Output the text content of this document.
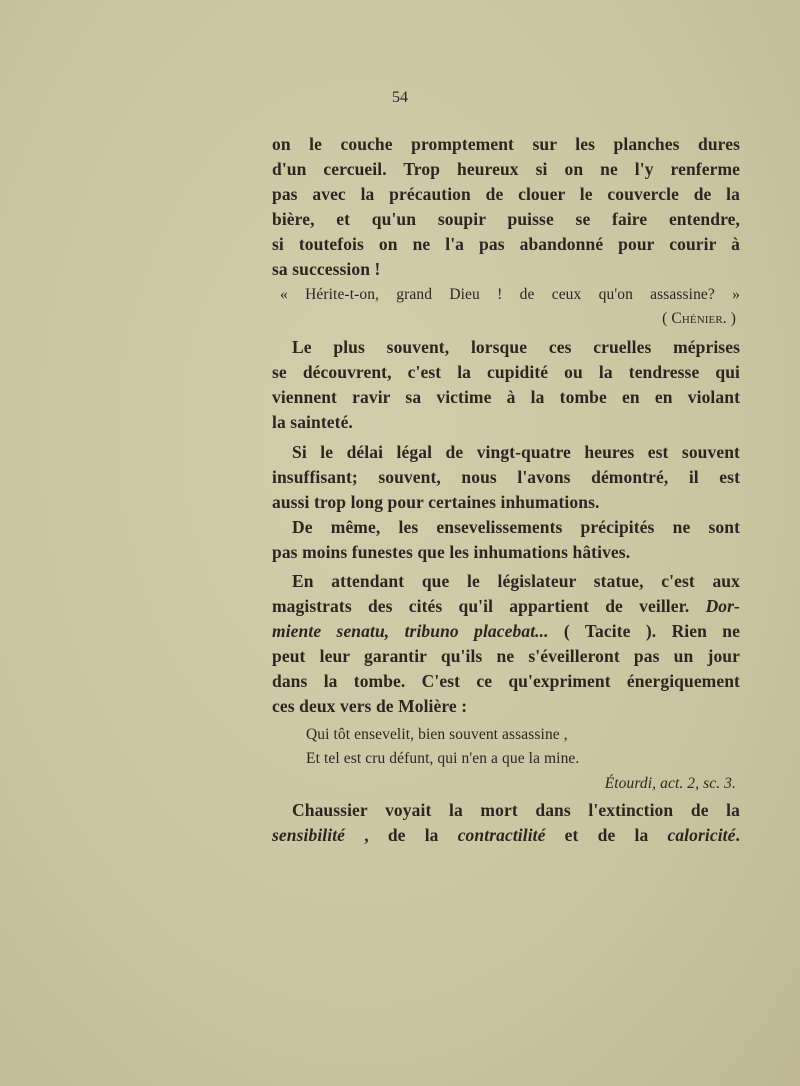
54
on le couche promptement sur les planches dures
d'un cercueil. Trop heureux si on ne l'y renferme
pas avec la précaution de clouer le couvercle de la
bière, et qu'un soupir puisse se faire entendre,
si toutefois on ne l'a pas abandonné pour courir à
sa succession !
« Hérite-t-on, grand Dieu ! de ceux qu'on assassine? »
( Chénier. )
Le plus souvent, lorsque ces cruelles méprises
se découvrent, c'est la cupidité ou la tendresse qui
viennent ravir sa victime à la tombe en en violant
la sainteté.
Si le délai légal de vingt-quatre heures est souvent
insuffisant; souvent, nous l'avons démontré, il est
aussi trop long pour certaines inhumations.
De même, les ensevelissements précipités ne sont
pas moins funestes que les inhumations hâtives.
En attendant que le législateur statue, c'est aux
magistrats des cités qu'il appartient de veiller. Dor-
miente senatu, tribuno placebat... ( Tacite ). Rien ne
peut leur garantir qu'ils ne s'éveilleront pas un jour
dans la tombe. C'est ce qu'expriment énergiquement
ces deux vers de Molière :
Qui tôt ensevelit, bien souvent assassine ,
Et tel est cru défunt, qui n'en a que la mine.
Étourdi, act. 2, sc. 3.
Chaussier voyait la mort dans l'extinction de la
sensibilité , de la contractilité et de la caloricité.
